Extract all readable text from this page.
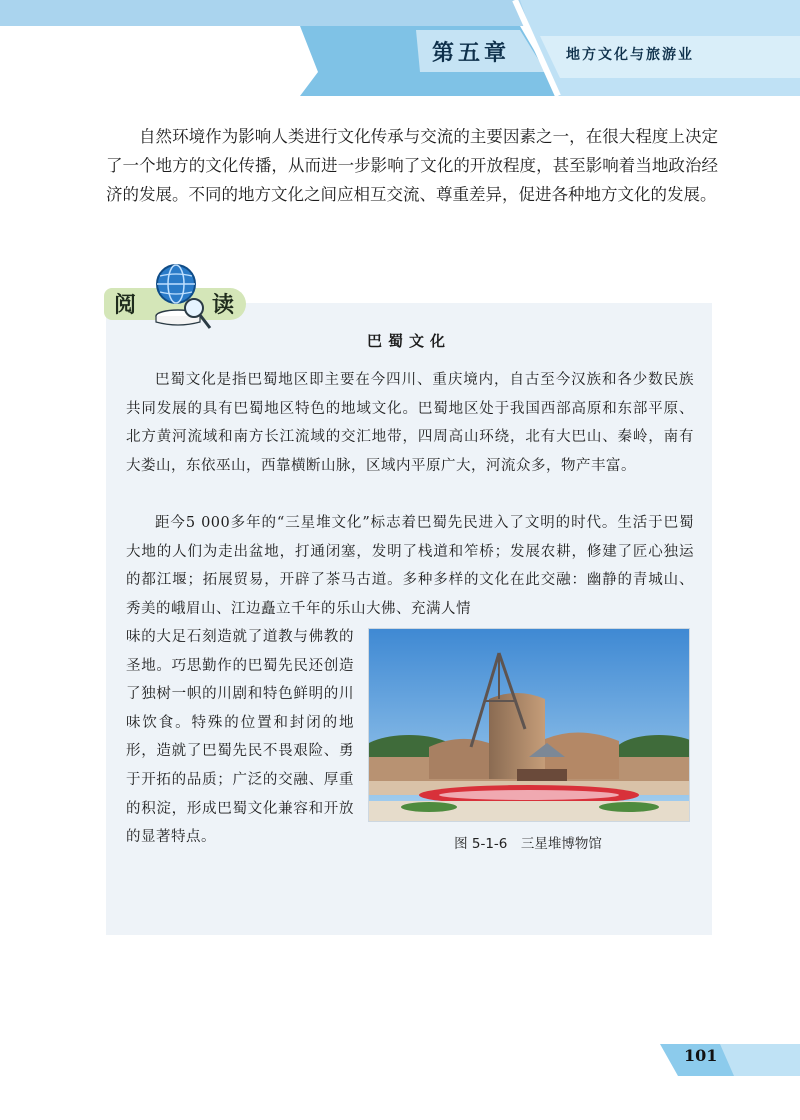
第五章	地方文化与旅游业

自然环境作为影响人类进行文化传承与交流的主要因素之一，在很大程度上决定了一个地方的文化传播，从而进一步影响了文化的开放程度，甚至影响着当地政治经济的发展。不同的地方文化之间应相互交流、尊重差异，促进各种地方文化的发展。

阅	读
巴蜀文化

巴蜀文化是指巴蜀地区即主要在今四川、重庆境内，自古至今汉族和各少数民族共同发展的具有巴蜀地区特色的地域文化。巴蜀地区处于我国西部高原和东部平原、北方黄河流域和南方长江流域的交汇地带，四周高山环绕，北有大巴山、秦岭，南有大娄山，东依巫山，西靠横断山脉，区域内平原广大，河流众多，物产丰富。

距今5 000多年的“三星堆文化”标志着巴蜀先民进入了文明的时代。生活于巴蜀大地的人们为走出盆地，打通闭塞，发明了栈道和笮桥；发展农耕，修建了匠心独运的都江堰；拓展贸易，开辟了茶马古道。多种多样的文化在此交融：幽静的青城山、秀美的峨眉山、江边矗立千年的乐山大佛、充满人情

味的大足石刻造就了道教与佛教的圣地。巧思勤作的巴蜀先民还创造了独树一帜的川剧和特色鲜明的川味饮食。特殊的位置和封闭的地形，造就了巴蜀先民不畏艰险、勇于开拓的品质；广泛的交融、厚重的积淀，形成巴蜀文化兼容和开放的显著特点。	图 5-1-6　三星堆博物馆
101
